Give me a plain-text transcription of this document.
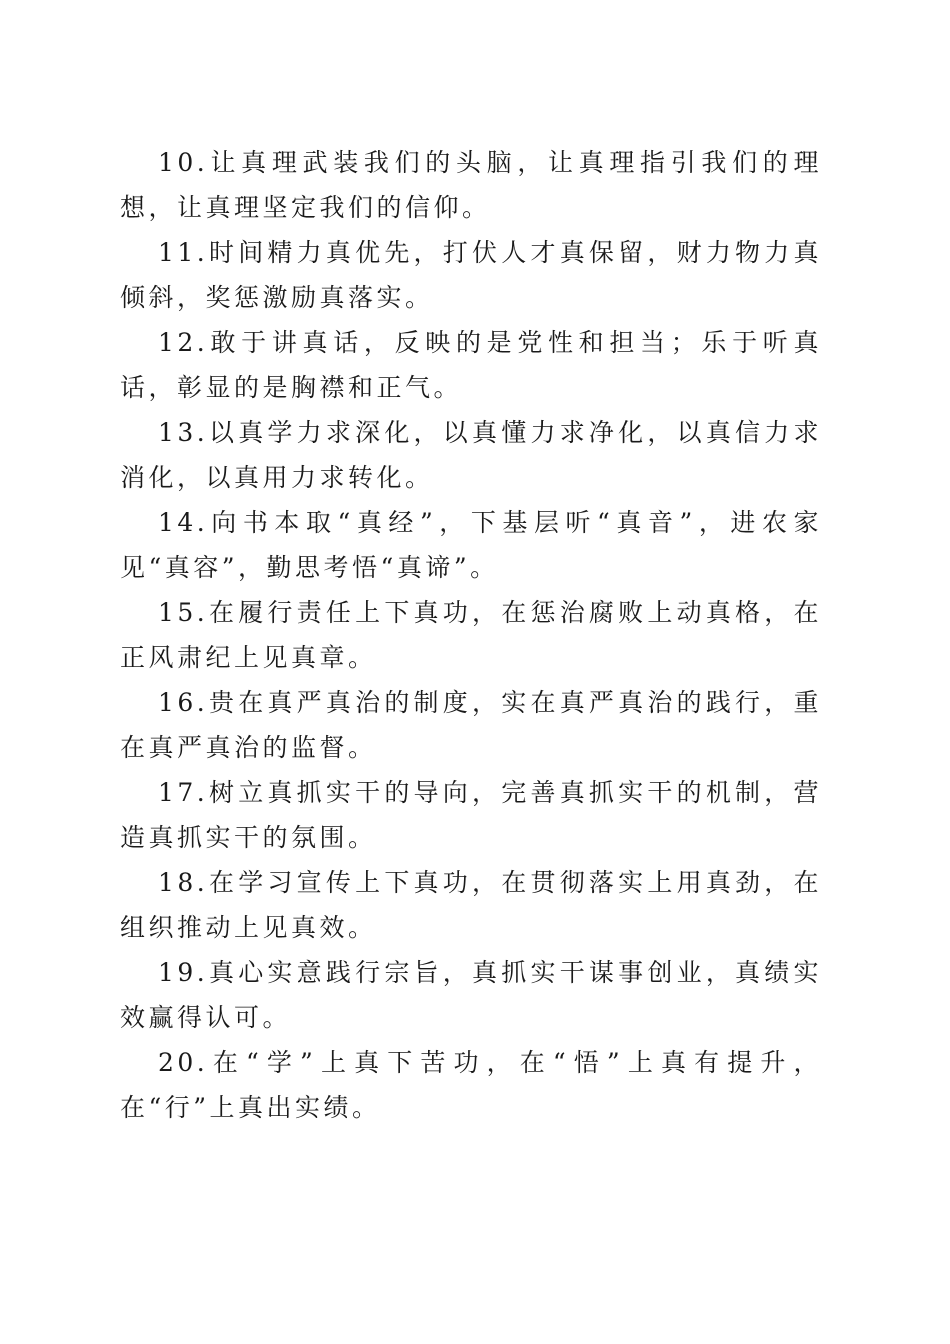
10.让真理武装我们的头脑，让真理指引我们的理想，让真理坚定我们的信仰。

11.时间精力真优先，打伏人才真保留，财力物力真倾斜，奖惩激励真落实。

12.敢于讲真话，反映的是党性和担当；乐于听真话，彰显的是胸襟和正气。

13.以真学力求深化，以真懂力求净化，以真信力求消化，以真用力求转化。

14.向书本取“真经”，下基层听“真音”，进农家见“真容”，勤思考悟“真谛”。

15.在履行责任上下真功，在惩治腐败上动真格，在正风肃纪上见真章。

16.贵在真严真治的制度，实在真严真治的践行，重在真严真治的监督。

17.树立真抓实干的导向，完善真抓实干的机制，营造真抓实干的氛围。

18.在学习宣传上下真功，在贯彻落实上用真劲，在组织推动上见真效。

19.真心实意践行宗旨，真抓实干谋事创业，真绩实效赢得认可。

20.在“学”上真下苦功，在“悟”上真有提升，在“行”上真出实绩。
